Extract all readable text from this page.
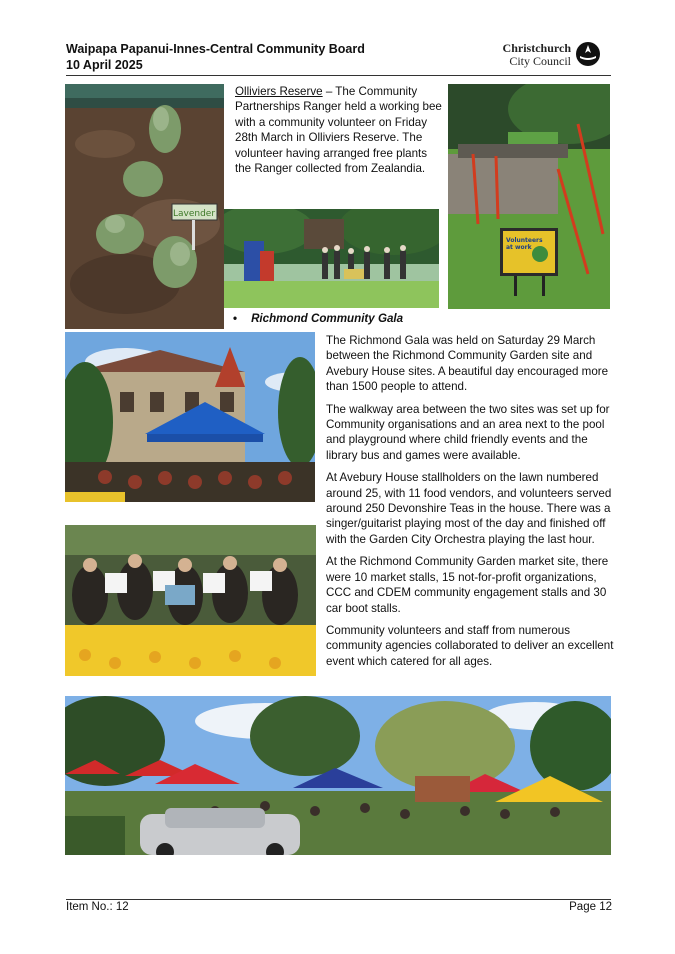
Waipapa Papanui-Innes-Central Community Board
10 April 2025
Christchurch
City Council
Lavender
Olliviers Reserve – The Community Partnerships Ranger held a working bee with a community volunteer on Friday 28th March in Olliviers Reserve. The volunteer having arranged free plants the Ranger collected from Zealandia.
Volunteers
at work
• Richmond Community Gala

The Richmond Gala was held on Saturday 29 March between the Richmond Community Garden site and Avebury House sites. A beautiful day encouraged more than 1500 people to attend.

The walkway area between the two sites was set up for Community organisations and an area next to the pool and playground where child friendly events and the library bus and games were available.

At Avebury House stallholders on the lawn numbered around 25, with 11 food vendors, and volunteers served around 250 Devonshire Teas in the house. There was a singer/guitarist playing most of the day and finished off with the Garden City Orchestra playing the last hour.

At the Richmond Community Garden market site, there were 10 market stalls, 15 not-for-profit organizations, CCC and CDEM community engagement stalls and 30 car boot stalls.

Community volunteers and staff from numerous community agencies collaborated to deliver an excellent event which catered for all ages.

Item No.: 12	Page 12
